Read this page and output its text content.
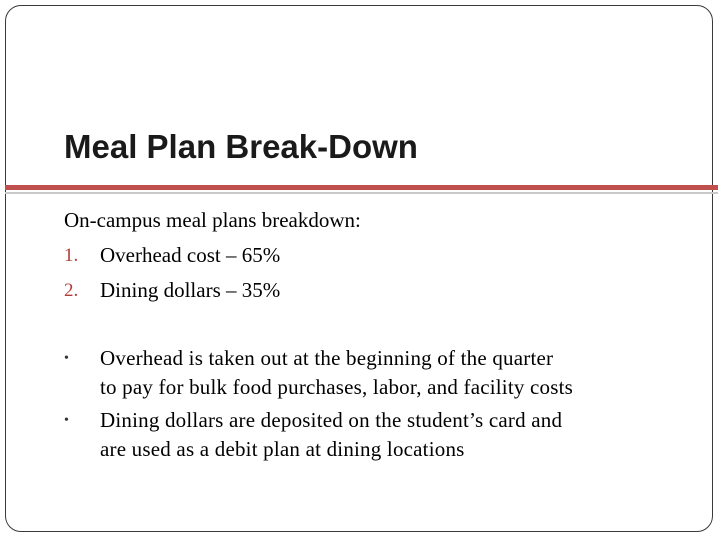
Meal Plan Break-Down
On-campus meal plans breakdown:
1.	Overhead cost – 65%
2.	Dining dollars – 35%
•	Overhead is taken out at the beginning of the quarter
to pay for bulk food purchases, labor, and facility costs
•	Dining dollars are deposited on the student’s card and
are used as a debit plan at dining locations
